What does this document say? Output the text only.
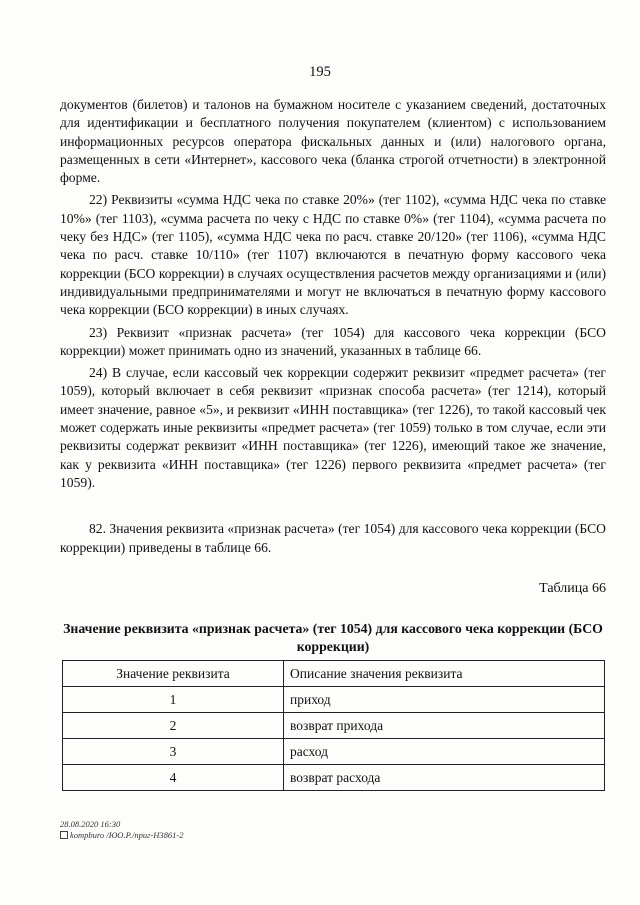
195

документов (билетов) и талонов на бумажном носителе с указанием сведений, достаточных для идентификации и бесплатного получения покупателем (клиентом) с использованием информационных ресурсов оператора фискальных данных и (или) налогового органа, размещенных в сети «Интернет», кассового чека (бланка строгой отчетности) в электронной форме.

22) Реквизиты «сумма НДС чека по ставке 20%» (тег 1102), «сумма НДС чека по ставке 10%» (тег 1103), «сумма расчета по чеку с НДС по ставке 0%» (тег 1104), «сумма расчета по чеку без НДС» (тег 1105), «сумма НДС чека по расч. ставке 20/120» (тег 1106), «сумма НДС чека по расч. ставке 10/110» (тег 1107) включаются в печатную форму кассового чека коррекции (БСО коррекции) в случаях осуществления расчетов между организациями и (или) индивидуальными предпринимателями и могут не включаться в печатную форму кассового чека коррекции (БСО коррекции) в иных случаях.

23) Реквизит «признак расчета» (тег 1054) для кассового чека коррекции (БСО коррекции) может принимать одно из значений, указанных в таблице 66.

24) В случае, если кассовый чек коррекции содержит реквизит «предмет расчета» (тег 1059), который включает в себя реквизит «признак способа расчета» (тег 1214), который имеет значение, равное «5», и реквизит «ИНН поставщика» (тег 1226), то такой кассовый чек может содержать иные реквизиты «предмет расчета» (тег 1059) только в том случае, если эти реквизиты содержат реквизит «ИНН поставщика» (тег 1226), имеющий такое же значение, как у реквизита «ИНН поставщика» (тег 1226) первого реквизита «предмет расчета» (тег 1059).

82. Значения реквизита «признак расчета» (тег 1054) для кассового чека коррекции (БСО коррекции) приведены в таблице 66.

Таблица 66
Значение реквизита «признак расчета» (тег 1054) для кассового чека коррекции (БСО коррекции)
Значение реквизита	Описание значения реквизита
1	приход
2	возврат прихода
3	расход
4	возврат расхода
28.08.2020 16:30
kompburo /ЮО.Р./приг-Н3861-2
